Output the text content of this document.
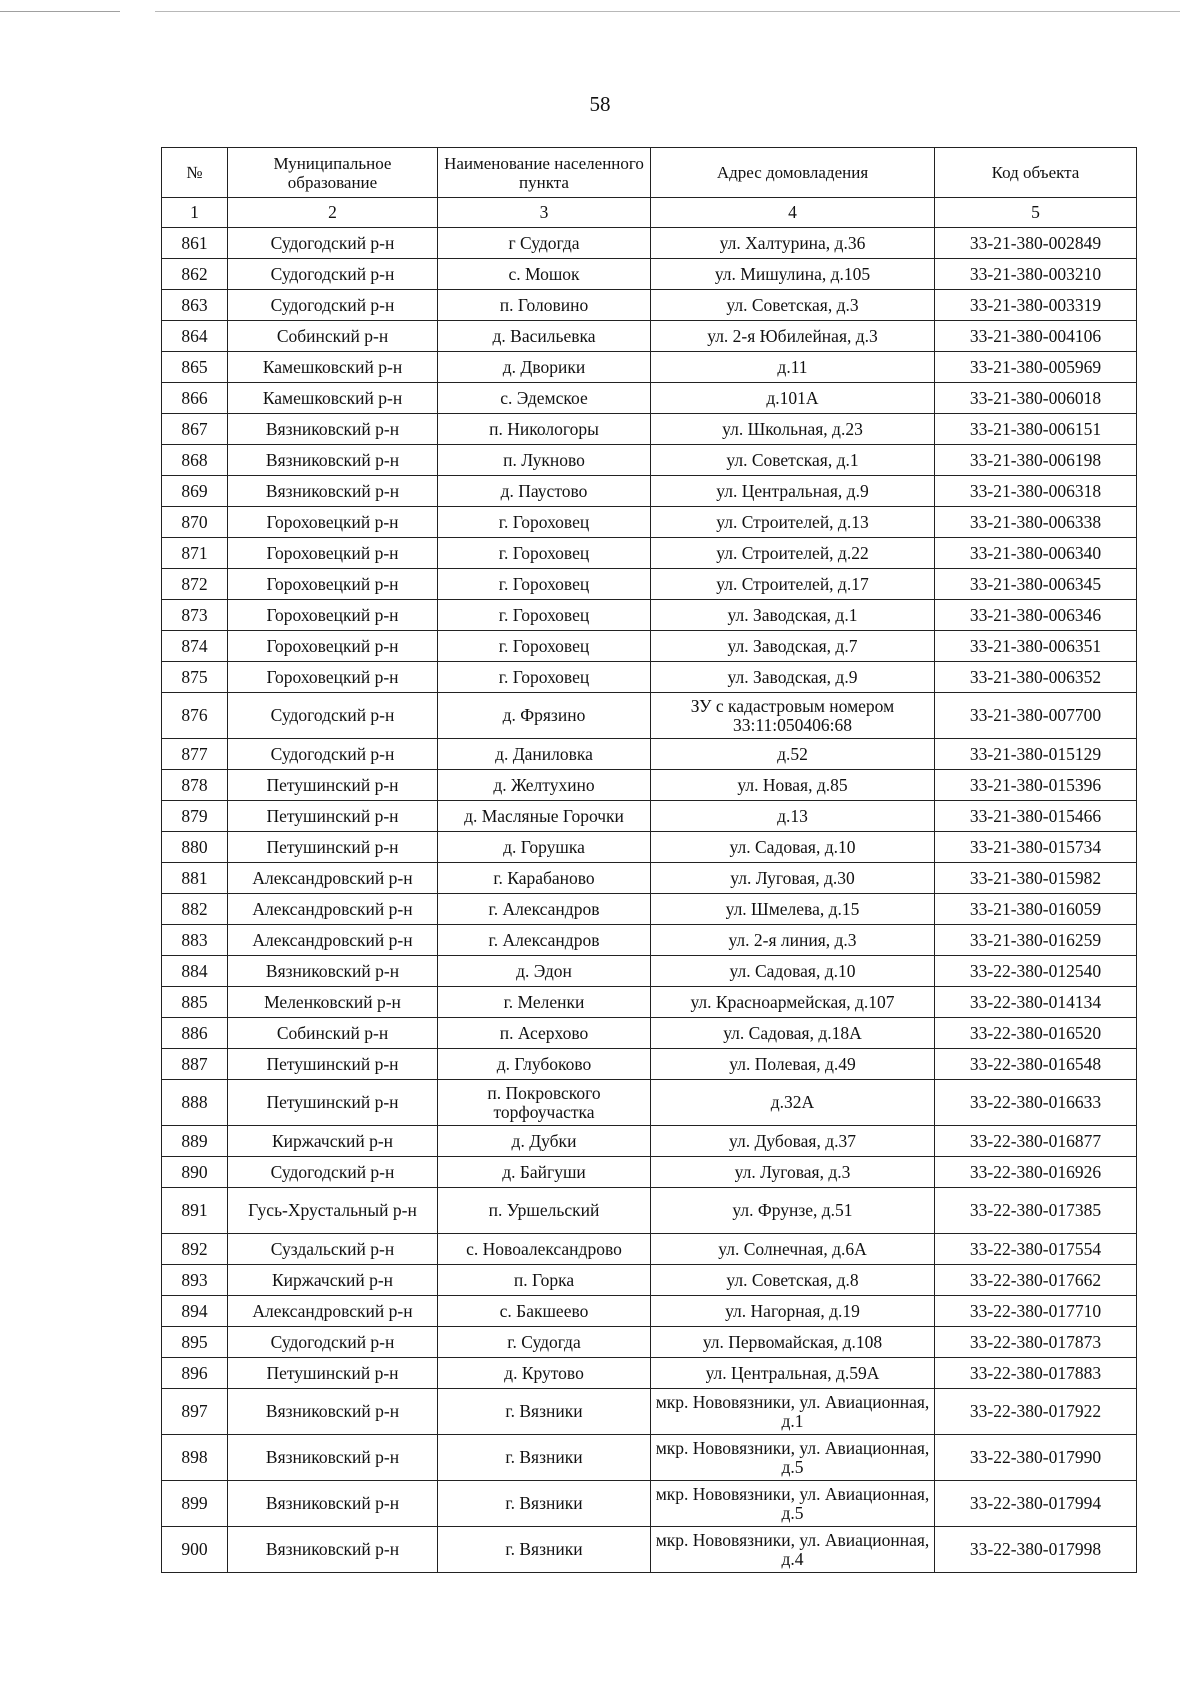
58
№	Муниципальное образование	Наименование населенного пункта	Адрес домовладения	Код объекта
1	2	3	4	5
861	Судогодский р-н	г Судогда	ул. Халтурина, д.36	33-21-380-002849
862	Судогодский р-н	с. Мошок	ул. Мишулина, д.105	33-21-380-003210
863	Судогодский р-н	п. Головино	ул. Советская, д.3	33-21-380-003319
864	Собинский р-н	д. Васильевка	ул. 2-я Юбилейная, д.3	33-21-380-004106
865	Камешковский р-н	д. Дворики	д.11	33-21-380-005969
866	Камешковский р-н	с. Эдемское	д.101А	33-21-380-006018
867	Вязниковский р-н	п. Никологоры	ул. Школьная, д.23	33-21-380-006151
868	Вязниковский р-н	п. Лукново	ул. Советская, д.1	33-21-380-006198
869	Вязниковский р-н	д. Паустово	ул. Центральная, д.9	33-21-380-006318
870	Гороховецкий р-н	г. Гороховец	ул. Строителей, д.13	33-21-380-006338
871	Гороховецкий р-н	г. Гороховец	ул. Строителей, д.22	33-21-380-006340
872	Гороховецкий р-н	г. Гороховец	ул. Строителей, д.17	33-21-380-006345
873	Гороховецкий р-н	г. Гороховец	ул. Заводская, д.1	33-21-380-006346
874	Гороховецкий р-н	г. Гороховец	ул. Заводская, д.7	33-21-380-006351
875	Гороховецкий р-н	г. Гороховец	ул. Заводская, д.9	33-21-380-006352
876	Судогодский р-н	д. Фрязино	ЗУ с кадастровым номером 33:11:050406:68	33-21-380-007700
877	Судогодский р-н	д. Даниловка	д.52	33-21-380-015129
878	Петушинский р-н	д. Желтухино	ул. Новая, д.85	33-21-380-015396
879	Петушинский р-н	д. Масляные Горочки	д.13	33-21-380-015466
880	Петушинский р-н	д. Горушка	ул. Садовая, д.10	33-21-380-015734
881	Александровский р-н	г. Карабаново	ул. Луговая, д.30	33-21-380-015982
882	Александровский р-н	г. Александров	ул. Шмелева, д.15	33-21-380-016059
883	Александровский р-н	г. Александров	ул. 2-я линия, д.3	33-21-380-016259
884	Вязниковский р-н	д. Эдон	ул. Садовая, д.10	33-22-380-012540
885	Меленковский р-н	г. Меленки	ул. Красноармейская, д.107	33-22-380-014134
886	Собинский р-н	п. Асерхово	ул. Садовая, д.18А	33-22-380-016520
887	Петушинский р-н	д. Глубоково	ул. Полевая, д.49	33-22-380-016548
888	Петушинский р-н	п. Покровского торфоучастка	д.32А	33-22-380-016633
889	Киржачский р-н	д. Дубки	ул. Дубовая, д.37	33-22-380-016877
890	Судогодский р-н	д. Байгуши	ул. Луговая, д.3	33-22-380-016926
891	Гусь-Хрустальный р-н	п. Уршельский	ул. Фрунзе, д.51	33-22-380-017385
892	Суздальский р-н	с. Новоалександрово	ул. Солнечная, д.6А	33-22-380-017554
893	Киржачский р-н	п. Горка	ул. Советская, д.8	33-22-380-017662
894	Александровский р-н	с. Бакшеево	ул. Нагорная, д.19	33-22-380-017710
895	Судогодский р-н	г. Судогда	ул. Первомайская, д.108	33-22-380-017873
896	Петушинский р-н	д. Крутово	ул. Центральная, д.59А	33-22-380-017883
897	Вязниковский р-н	г. Вязники	мкр. Нововязники, ул. Авиационная, д.1	33-22-380-017922
898	Вязниковский р-н	г. Вязники	мкр. Нововязники, ул. Авиационная, д.5	33-22-380-017990
899	Вязниковский р-н	г. Вязники	мкр. Нововязники, ул. Авиационная, д.5	33-22-380-017994
900	Вязниковский р-н	г. Вязники	мкр. Нововязники, ул. Авиационная, д.4	33-22-380-017998
